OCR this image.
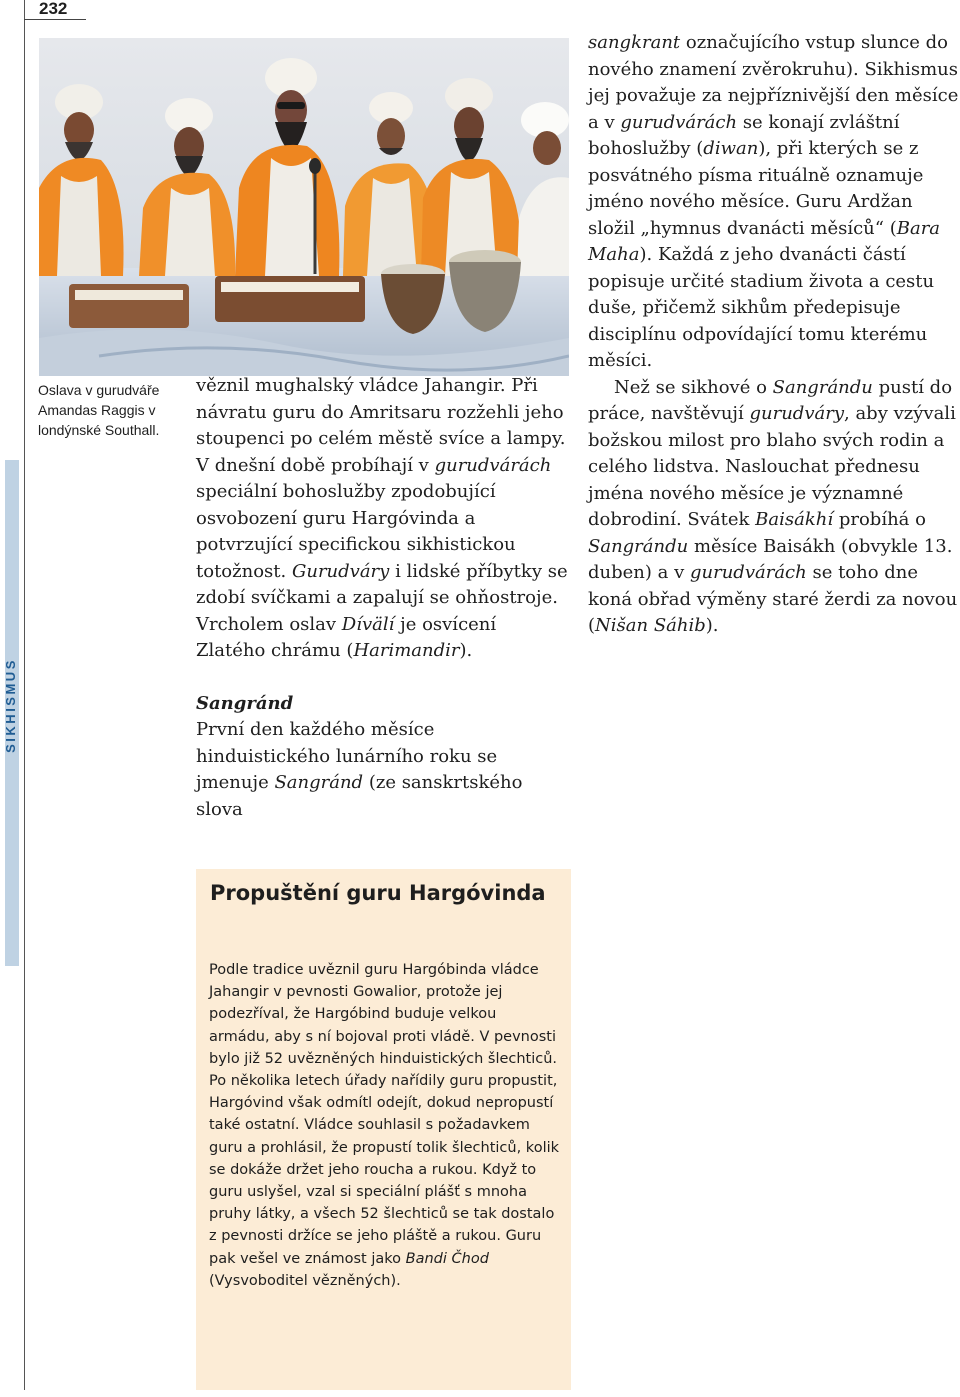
232
SIKHISMUS
Oslava v gurudváře Amandas Raggis v londýnské Southall.

věznil mughalský vládce Jahangir. Při návratu guru do Amritsaru rozžehli jeho stoupenci po celém městě svíce a lampy. V dnešní době probíhají v gurudvárách speciální bohoslužby zpodobující osvobození guru Hargóvinda a potvrzující specifickou sikhistickou totožnost. Gurudváry i lidské příbytky se zdobí svíčkami a zapalují se ohňostroje. Vrcholem oslav Dívälí je osvícení Zlatého chrámu (Harimandir).

Sangránd

První den každého měsíce hinduistického lunárního roku se jmenuje Sangránd (ze sanskrtského slova

sangkrant označujícího vstup slunce do nového znamení zvěrokruhu). Sikhismus jej považuje za nejpříznivější den měsíce a v gurudvárách se konají zvláštní bohoslužby (diwan), při kterých se z posvátného písma rituálně oznamuje jméno nového měsíce. Guru Ardžan složil „hymnus dvanácti měsíců“ (Bara Maha). Každá z jeho dvanácti částí popisuje určité stadium života a cestu duše, přičemž sikhům předepisuje disciplínu odpovídající tomu kterému měsíci.

Než se sikhové o Sangrándu pustí do práce, navštěvují gurudváry, aby vzývali božskou milost pro blaho svých rodin a celého lidstva. Naslouchat přednesu jména nového měsíce je významné dobrodiní. Svátek Baisákhí probíhá o Sangrándu měsíce Baisákh (obvykle 13. duben) a v gurudvárách se toho dne koná obřad výměny staré žerdi za novou (Nišan Sáhib).

Propuštění guru Hargóvinda
Podle tradice uvěznil guru Hargóbinda vládce Jahangir v pevnosti Gowalior, protože jej podezříval, že Hargóbind buduje velkou armádu, aby s ní bojoval proti vládě. V pevnosti bylo již 52 uvězněných hinduistických šlechticů. Po několika letech úřady nařídily guru propustit, Hargóvind však odmítl odejít, dokud nepropustí také ostatní. Vládce souhlasil s požadavkem guru a prohlásil, že propustí tolik šlechticů, kolik se dokáže držet jeho roucha a rukou. Když to guru uslyšel, vzal si speciální plášť s mnoha pruhy látky, a všech 52 šlechticů se tak dostalo z pevnosti držíce se jeho pláště a rukou. Guru pak vešel ve známost jako Bandi Čhod (Vysvoboditel vězněných).
